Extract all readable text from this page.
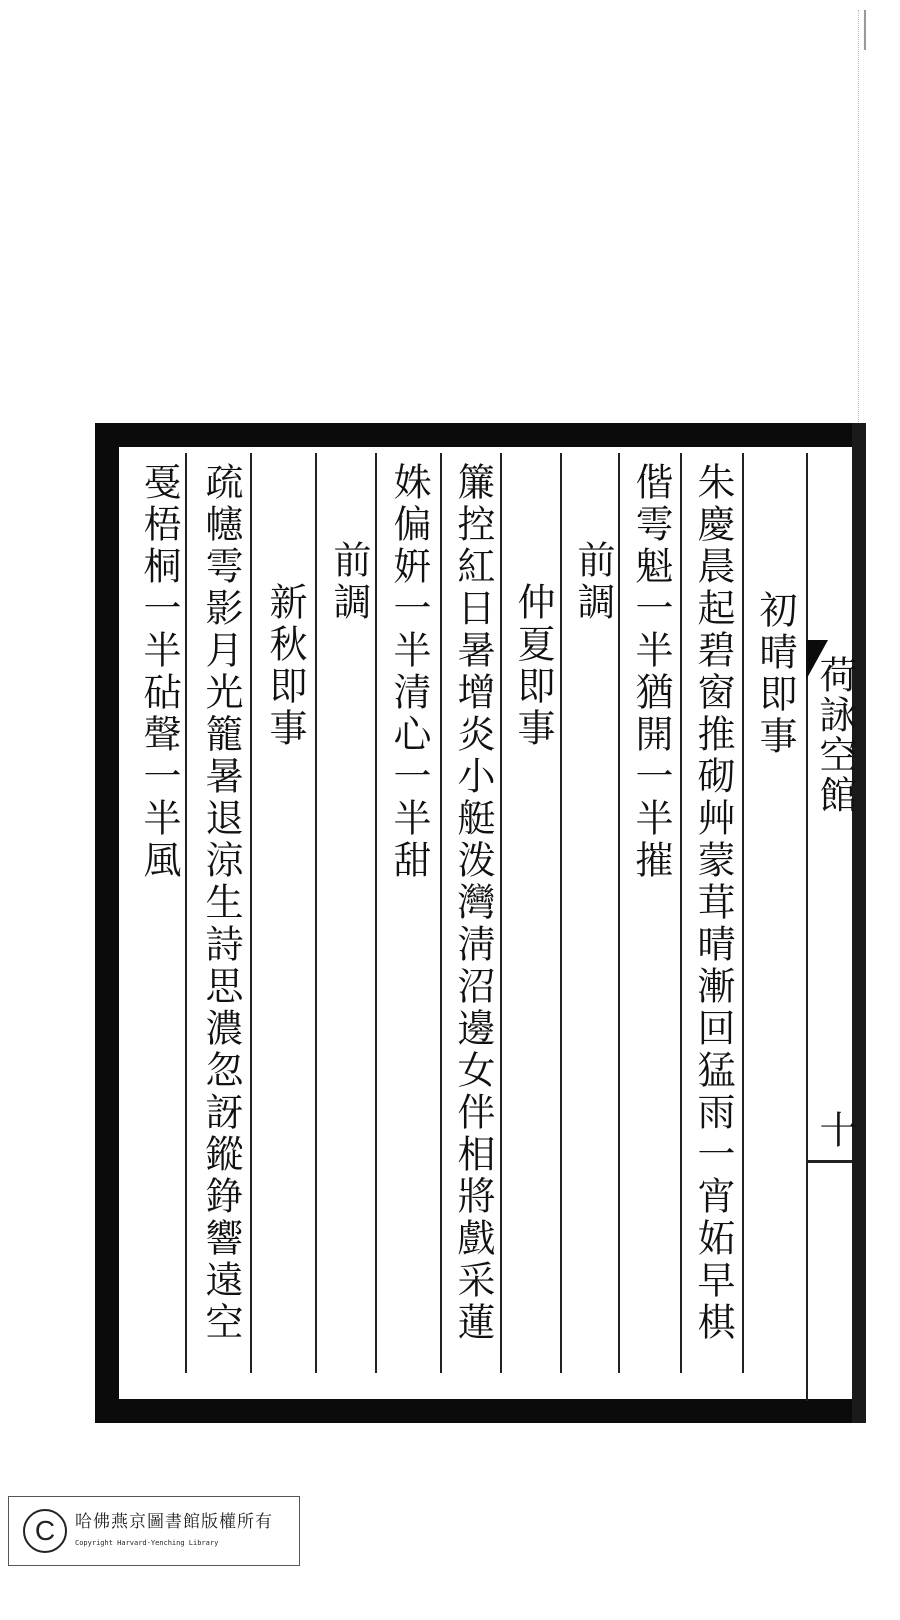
荷詠空館
十
初晴即事
朱慶晨起碧窗推砌艸蒙茸晴漸回猛雨一宵妬早棋
偕雩魁一半猶開一半摧
前調
仲夏即事
簾控紅日暑增炎小艇泼灣淸沼邊女伴相將戲采蓮
姝偏姸一半清心一半甜
前調
新秋即事
疏幰雩影月光籠暑退涼生詩思濃忽訝鏦錚響遠空
戞梧桐一半砧聲一半風
C	哈佛燕京圖書館版權所有
Copyright Harvard-Yenching Library
